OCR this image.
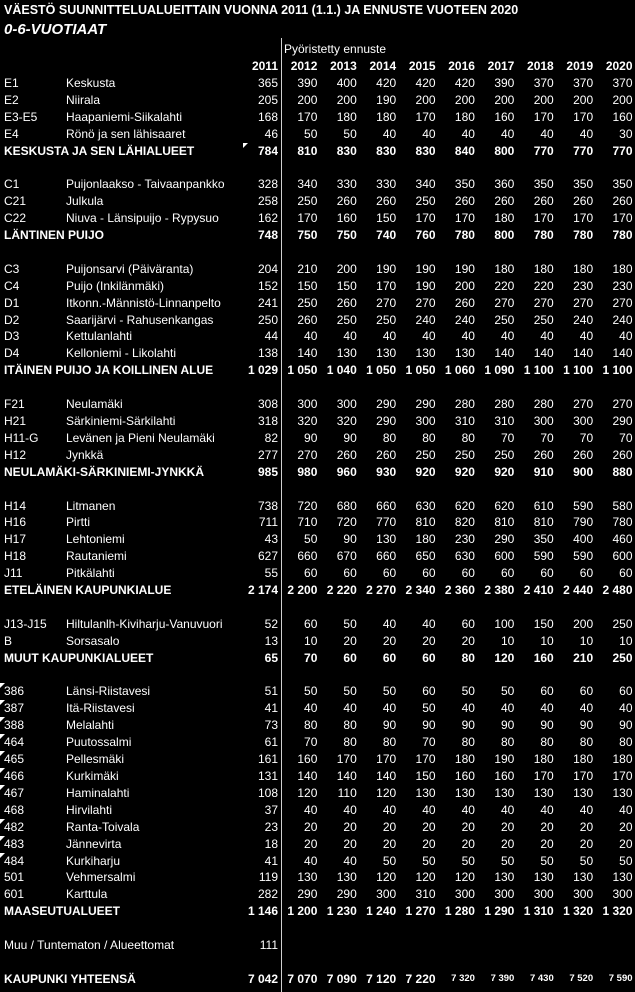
VÄESTÖ SUUNNITTELUALUEITTAIN VUONNA 2011 (1.1.) JA ENNUSTE VUOTEEN 2020
0-6-VUOTIAAT
Pyöristetty ennuste
		2011	2012	2013	2014	2015	2016	2017	2018	2019	2020
E1	Keskusta	365	390	400	420	420	420	390	370	370	370
E2	Niirala	205	200	200	190	200	200	200	200	200	200
E3-E5	Haapaniemi-Siikalahti	168	170	180	180	170	180	160	170	170	160
E4	Rönö ja sen lähisaaret	46	50	50	40	40	40	40	40	40	30
KESKUSTA JA SEN LÄHIALUEET		784	810	830	830	830	840	800	770	770	770

C1	Puijonlaakso - Taivaanpankko	328	340	330	330	340	350	360	350	350	350
C21	Julkula	258	250	260	260	250	260	260	260	260	260
C22	Niuva - Länsipuijo - Rypysuo	162	170	160	150	170	170	180	170	170	170
LÄNTINEN PUIJO		748	750	750	740	760	780	800	780	780	780

C3	Puijonsarvi (Päiväranta)	204	210	200	190	190	190	180	180	180	180
C4	Puijo (Inkilänmäki)	152	150	150	170	190	200	220	220	230	230
D1	Itkonn.-Männistö-Linnanpelto	241	250	260	270	270	260	270	270	270	270
D2	Saarijärvi - Rahusenkangas	250	260	250	250	240	240	250	250	240	240
D3	Kettulanlahti	44	40	40	40	40	40	40	40	40	40
D4	Kelloniemi - Likolahti	138	140	130	130	130	130	140	140	140	140
ITÄINEN PUIJO JA KOILLINEN ALUE		1 029	1 050	1 040	1 050	1 050	1 060	1 090	1 100	1 100	1 100

F21	Neulamäki	308	300	300	290	290	280	280	280	270	270
H21	Särkiniemi-Särkilahti	318	320	320	290	300	310	310	300	300	290
H11-G	Levänen ja Pieni Neulamäki	82	90	90	80	80	80	70	70	70	70
H12	Jynkkä	277	270	260	260	250	250	250	260	260	260
NEULAMÄKI-SÄRKINIEMI-JYNKKÄ		985	980	960	930	920	920	920	910	900	880

H14	Litmanen	738	720	680	660	630	620	620	610	590	580
H16	Pirtti	711	710	720	770	810	820	810	810	790	780
H17	Lehtoniemi	43	50	90	130	180	230	290	350	400	460
H18	Rautaniemi	627	660	670	660	650	630	600	590	590	600
J11	Pitkälahti	55	60	60	60	60	60	60	60	60	60
ETELÄINEN KAUPUNKIALUE		2 174	2 200	2 220	2 270	2 340	2 360	2 380	2 410	2 440	2 480

J13-J15	Hiltulanlh-Kiviharju-Vanuvuori	52	60	50	40	40	60	100	150	200	250
B	Sorsasalo	13	10	20	20	20	20	10	10	10	10
MUUT KAUPUNKIALUEET		65	70	60	60	60	80	120	160	210	250

386	Länsi-Riistavesi	51	50	50	50	60	50	50	60	60	60
387	Itä-Riistavesi	41	40	40	40	50	40	40	40	40	40
388	Melalahti	73	80	80	90	90	90	90	90	90	90
464	Puutossalmi	61	70	80	80	70	80	80	80	80	80
465	Pellesmäki	161	160	170	170	170	180	190	180	180	180
466	Kurkimäki	131	140	140	140	150	160	160	170	170	170
467	Haminalahti	108	120	110	120	130	130	130	130	130	130
468	Hirvilahti	37	40	40	40	40	40	40	40	40	40
482	Ranta-Toivala	23	20	20	20	20	20	20	20	20	20
483	Jännevirta	18	20	20	20	20	20	20	20	20	20
484	Kurkiharju	41	40	40	50	50	50	50	50	50	50
501	Vehmersalmi	119	130	130	120	120	120	130	130	130	130
601	Karttula	282	290	290	300	310	300	300	300	300	300
MAASEUTUALUEET		1 146	1 200	1 230	1 240	1 270	1 280	1 290	1 310	1 320	1 320

Muu / Tuntematon / Alueettomat		111									

KAUPUNKI YHTEENSÄ		7 042	7 070	7 090	7 120	7 220	7 320	7 390	7 430	7 520	7 590
